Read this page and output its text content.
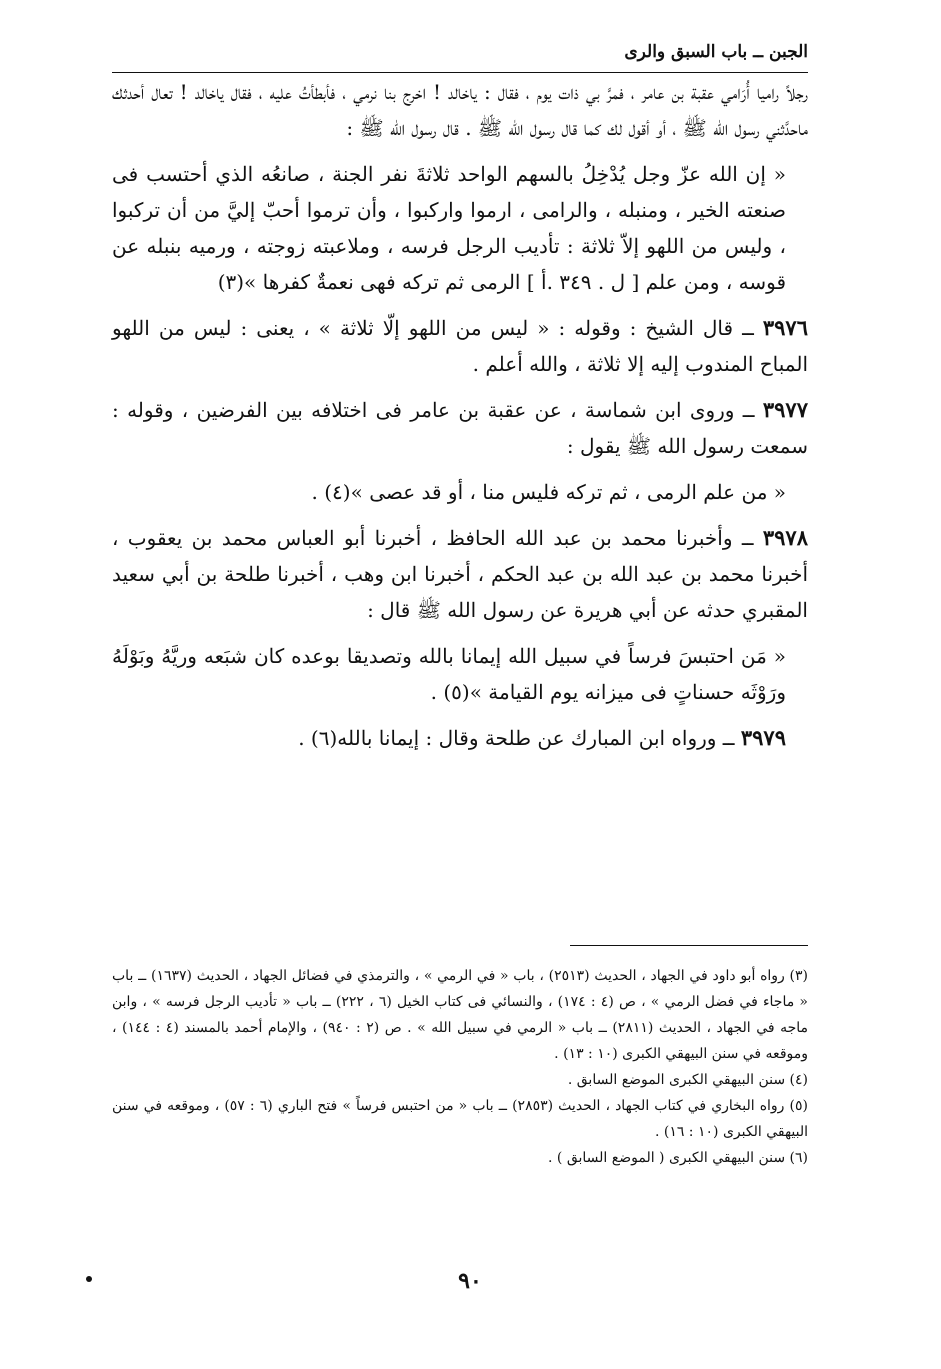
الجبن ــ باب السبق والرى

رجلاً راميا أُرَامي عقبة بن عامر ، فمرَّ بي ذات يوم ، فقال : ياخالد ! اخرج بنا نرمي ، فأبطأتُ عليه ، فقال ياخالد ! تعال أحدثك ماحدَّثني رسول الله ﷺ ، أو أقول لك كما قال رسول الله ﷺ . قال رسول الله ﷺ :

« إن الله عزّ وجل يُدْخِلُ بالسهم الواحد ثلاثةَ نفر الجنة ، صانعُه الذي أحتسب فى صنعته الخير ، ومنبله ، والرامى ، ارموا واركبوا ، وأن ترموا أحبّ إليَّ من أن تركبوا ، وليس من اللهو إلاّ ثلاثة : تأديب الرجل فرسه ، وملاعبته زوجته ، ورميه بنبله عن قوسه ، ومن علم [ ل . ٣٤٩ .أ ] الرمى ثم تركه فهى نعمةٌ كفرها »(٣)

٣٩٧٦ ــ قال الشيخ : وقوله : « ليس من اللهو إلّا ثلاثة » ، يعنى : ليس من اللهو المباح المندوب إليه إلا ثلاثة ، والله أعلم .

٣٩٧٧ ــ وروى ابن شماسة ، عن عقبة بن عامر فى اختلافه بين الفرضين ، وقوله : سمعت رسول الله ﷺ يقول :

« من علم الرمى ، ثم تركه فليس منا ، أو قد عصى »(٤) .

٣٩٧٨ ــ وأخبرنا محمد بن عبد الله الحافظ ، أخبرنا أبو العباس محمد بن يعقوب ، أخبرنا محمد بن عبد الله بن عبد الحكم ، أخبرنا ابن وهب ، أخبرنا طلحة بن أبي سعيد المقبري حدثه عن أبي هريرة عن رسول الله ﷺ قال :

« مَن احتبسَ فرساً في سبيل الله إيمانا بالله وتصديقا بوعده كان شبَعه وريَّهُ وبَوْلَهُ ورَوْثَه حسناتٍ فى ميزانه يوم القيامة »(٥) .

٣٩٧٩ ــ ورواه ابن المبارك عن طلحة وقال : إيمانا بالله(٦) .

(٣) رواه أبو داود في الجهاد ، الحديث (٢٥١٣) ، باب « في الرمي » ، والترمذي في فضائل الجهاد ، الحديث (١٦٣٧) ــ باب « ماجاء في فضل الرمي » ، ص (٤ : ١٧٤) ، والنسائي فى كتاب الخيل (٦ ، ٢٢٢) ــ باب « تأديب الرجل فرسه » ، وابن ماجه في الجهاد ، الحديث (٢٨١١) ــ باب « الرمي في سبيل الله » . ص (٢ : ٩٤٠) ، والإمام أحمد بالمسند (٤ : ١٤٤) ، وموقعه في سنن البيهقي الكبرى (١٠ : ١٣) .

(٤) سنن البيهقي الكبرى الموضع السابق .

(٥) رواه البخاري في كتاب الجهاد ، الحديث (٢٨٥٣) ــ باب « من احتبس فرساً » فتح الباري (٦ : ٥٧) ، وموقعه في سنن البيهقي الكبرى (١٠ : ١٦) .

(٦) سنن البيهقي الكبرى ( الموضع السابق ) .

٩٠
